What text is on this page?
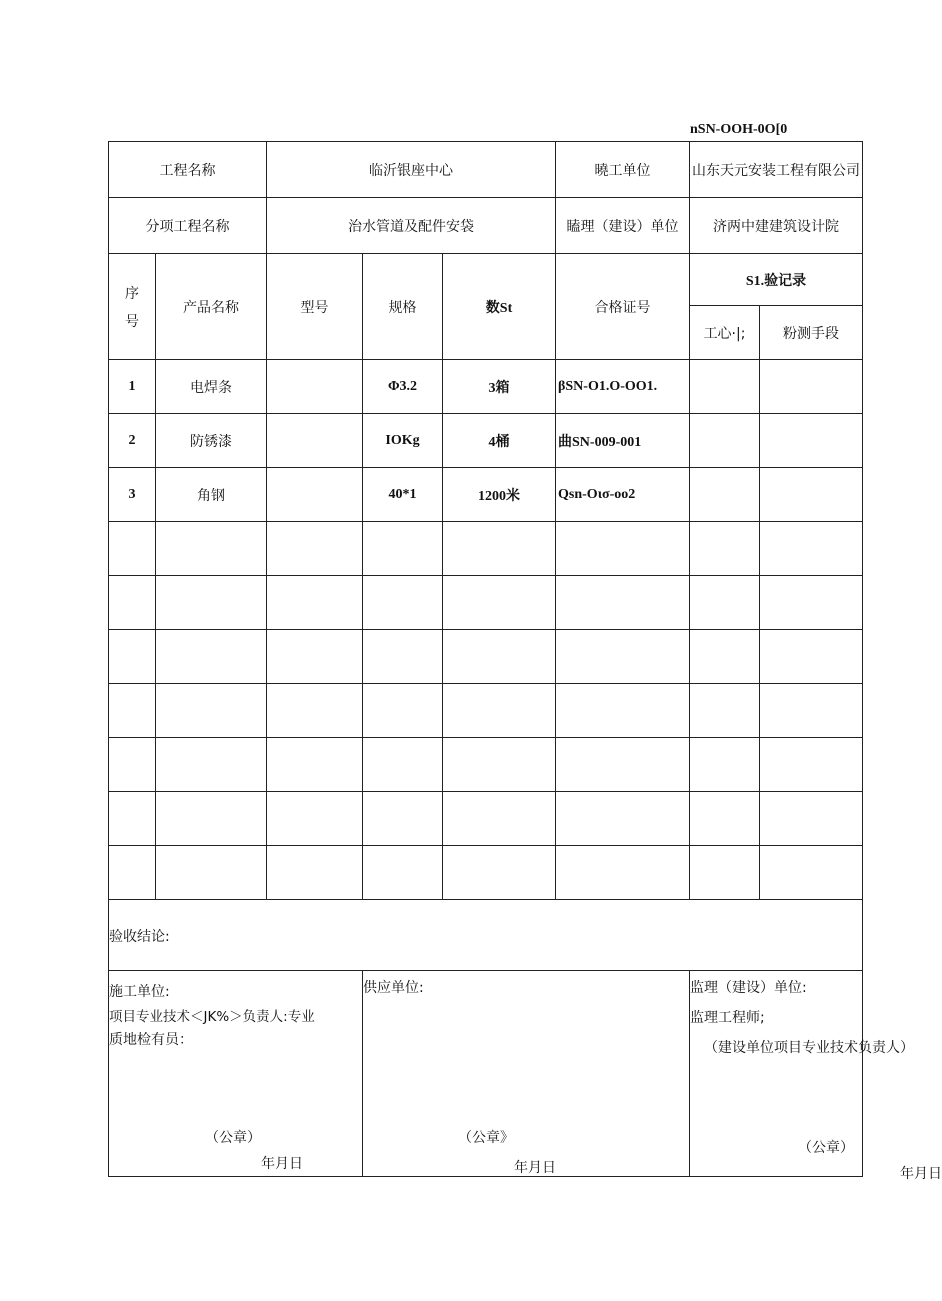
nSN-OOH-0O[0
工程名称		临沂银座中心			曉工单位	山东天元安装工程有限公司	
分项工程名称		治水管道及配件安袋			瞌理（建设）单位	济两中建建筑设计院	

序
号	产品名称	型号	规格	数St	合格证号	S1.验记录	
						工心·|;	粉测手段
1	电焊条		Φ3.2	3箱	βSN-O1.O-OO1.		
2	防锈漆		IOKg	4桶	曲SN-009-001		
3	角钢		40*1	1200米	Qsn-Oισ-oo2		

验收结论:							

施工单位:
项目专业技术＜JK%＞负责人:专业
质地检有员：
（公章）
年月日			供应单位:
（公章》
年月日			监理（建设）单位:
监理工程师;
（建设单位项目专业技术负责人）
（公章）
年月日	
